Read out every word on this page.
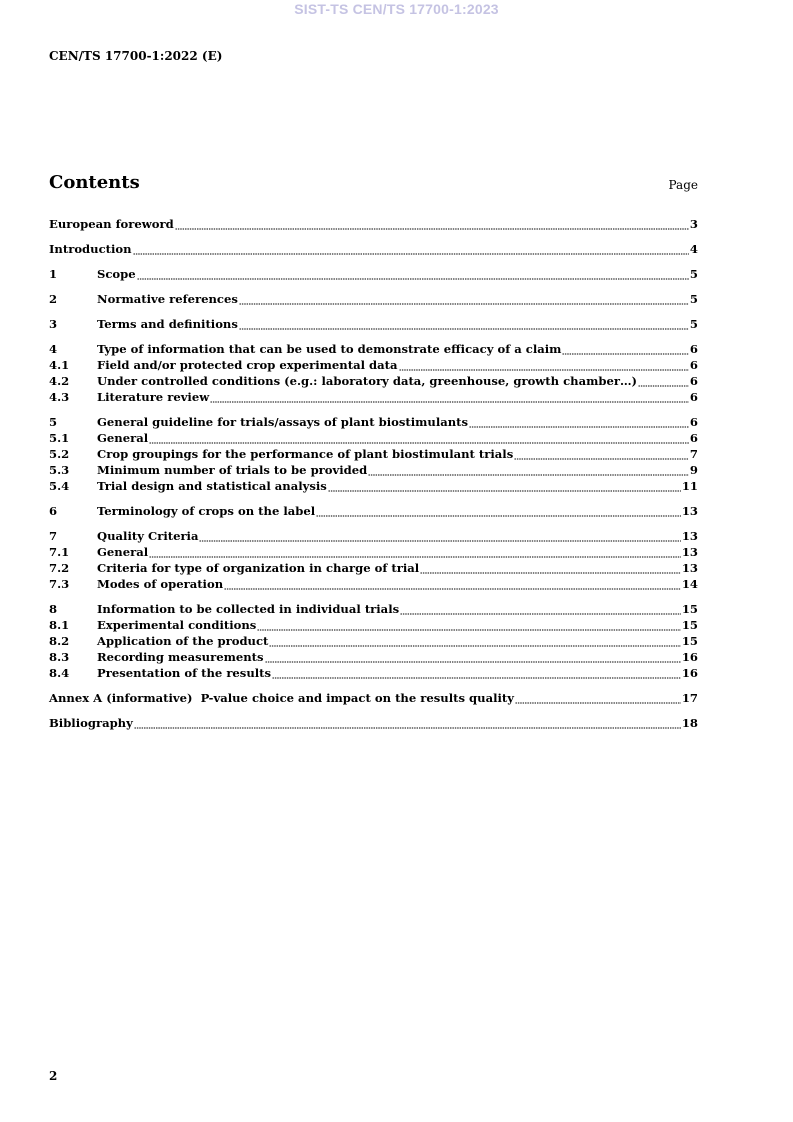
SIST-TS CEN/TS 17700-1:2023
CEN/TS 17700-1:2022 (E)
Contents	Page
European foreword	3
Introduction	4
1	Scope	5
2	Normative references	5
3	Terms and definitions	5
4	Type of information that can be used to demonstrate efficacy of a claim	6
4.1	Field and/or protected crop experimental data	6
4.2	Under controlled conditions (e.g.: laboratory data, greenhouse, growth chamber…)	6
4.3	Literature review	6
5	General guideline for trials/assays of plant biostimulants	6
5.1	General	6
5.2	Crop groupings for the performance of plant biostimulant trials	7
5.3	Minimum number of trials to be provided	9
5.4	Trial design and statistical analysis	11
6	Terminology of crops on the label	13
7	Quality Criteria	13
7.1	General	13
7.2	Criteria for type of organization in charge of trial	13
7.3	Modes of operation	14
8	Information to be collected in individual trials	15
8.1	Experimental conditions	15
8.2	Application of the product	15
8.3	Recording measurements	16
8.4	Presentation of the results	16
Annex A (informative)  P-value choice and impact on the results quality	17
Bibliography	18
2
